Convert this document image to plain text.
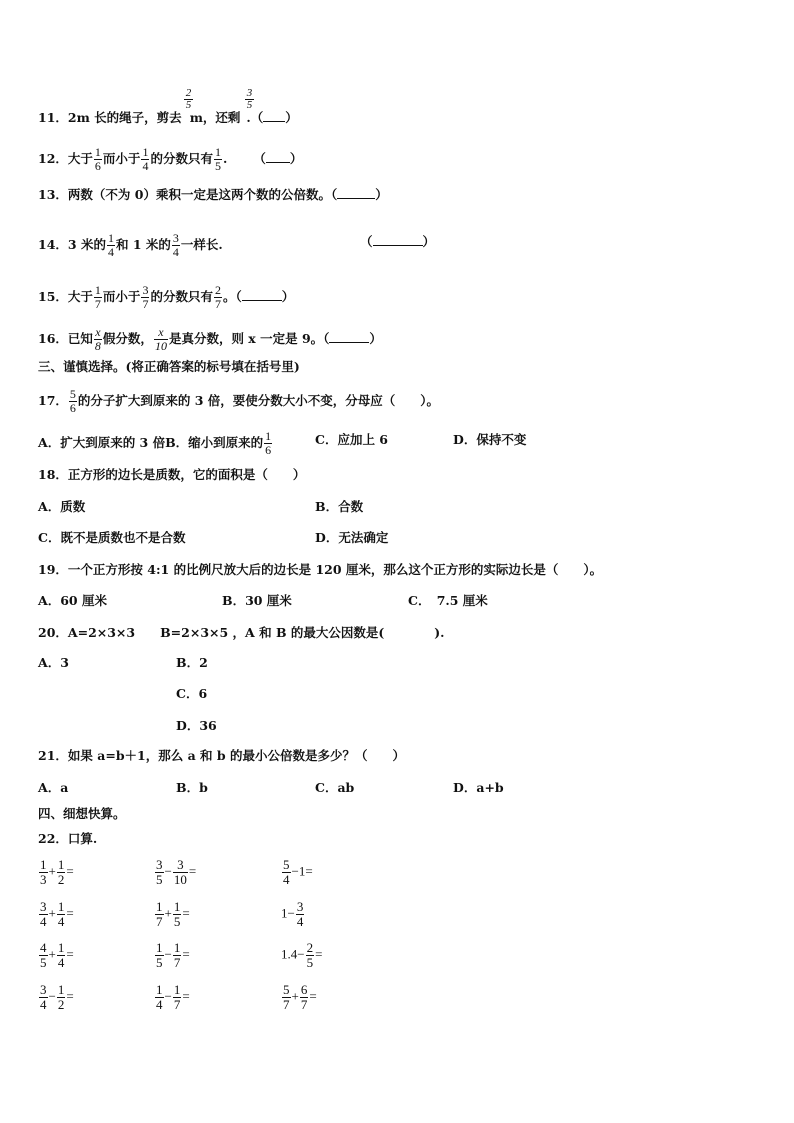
11．2m 长的绳子，剪去 m，还剩 .（ ）
2
5
3
5
12．大于 $\frac{1}{6}$ 而小于 $\frac{1}{4}$ 的分数只有 $\frac{1}{5}$ . （ ）
13．两数（不为 0）乘积一定是这两个数的公倍数。（	）
14．3 米的 $\frac{1}{4}$ 和 1 米的 $\frac{3}{4}$ 一样长.	（	）
15．大于 $\frac{1}{7}$ 而小于 $\frac{3}{7}$ 的分数只有 $\frac{2}{7}$ 。（	）
16．已知 $\frac{x}{8}$ 假分数， $\frac{x}{10}$ 是真分数，则 x 一定是 9。（	）
三、谨慎选择。(将正确答案的标号填在括号里)
17． $\frac{5}{6}$ 的分子扩大到原来的 3 倍，要使分数大小不变，分母应（　　）。
A．扩大到原来的 3 倍B．缩小到原来的 $\frac{1}{6}$	C．应加上 6	D．保持不变
18．正方形的边长是质数，它的面积是（　　）
A．质数	B．合数
C．既不是质数也不是合数	D．无法确定
19．一个正方形按 4:1 的比例尺放大后的边长是 120 厘米，那么这个正方形的实际边长是（　　）。
A．60 厘米	B．30 厘米	C．　7.5 厘米
20．A=2×3×3　　B=2×3×5 ，A 和 B 的最大公因数是(　　　　).
A．3	B．2
C．6
D．36
21．如果 a=b＋1，那么 a 和 b 的最小公倍数是多少？（　　）
A．a	B．b	C．ab	D．a+b
四、细想快算。
22．口算.
$\frac{1}{3} + \frac{1}{2}$ =	$\frac{3}{5} - \frac{3}{10}$ =	$\frac{5}{4} -1=$
$\frac{3}{4} + \frac{1}{4}$ =	$\frac{1}{7} + \frac{1}{5}$ =	$1- \frac{3}{4}$
$\frac{4}{5} + \frac{1}{4}$ =	$\frac{1}{5} - \frac{1}{7}$ =	$1.4- \frac{2}{5}$ =
$\frac{3}{4} - \frac{1}{2}$ =	$\frac{1}{4} - \frac{1}{7}$ =	$\frac{5}{7} + \frac{6}{7}$ =
